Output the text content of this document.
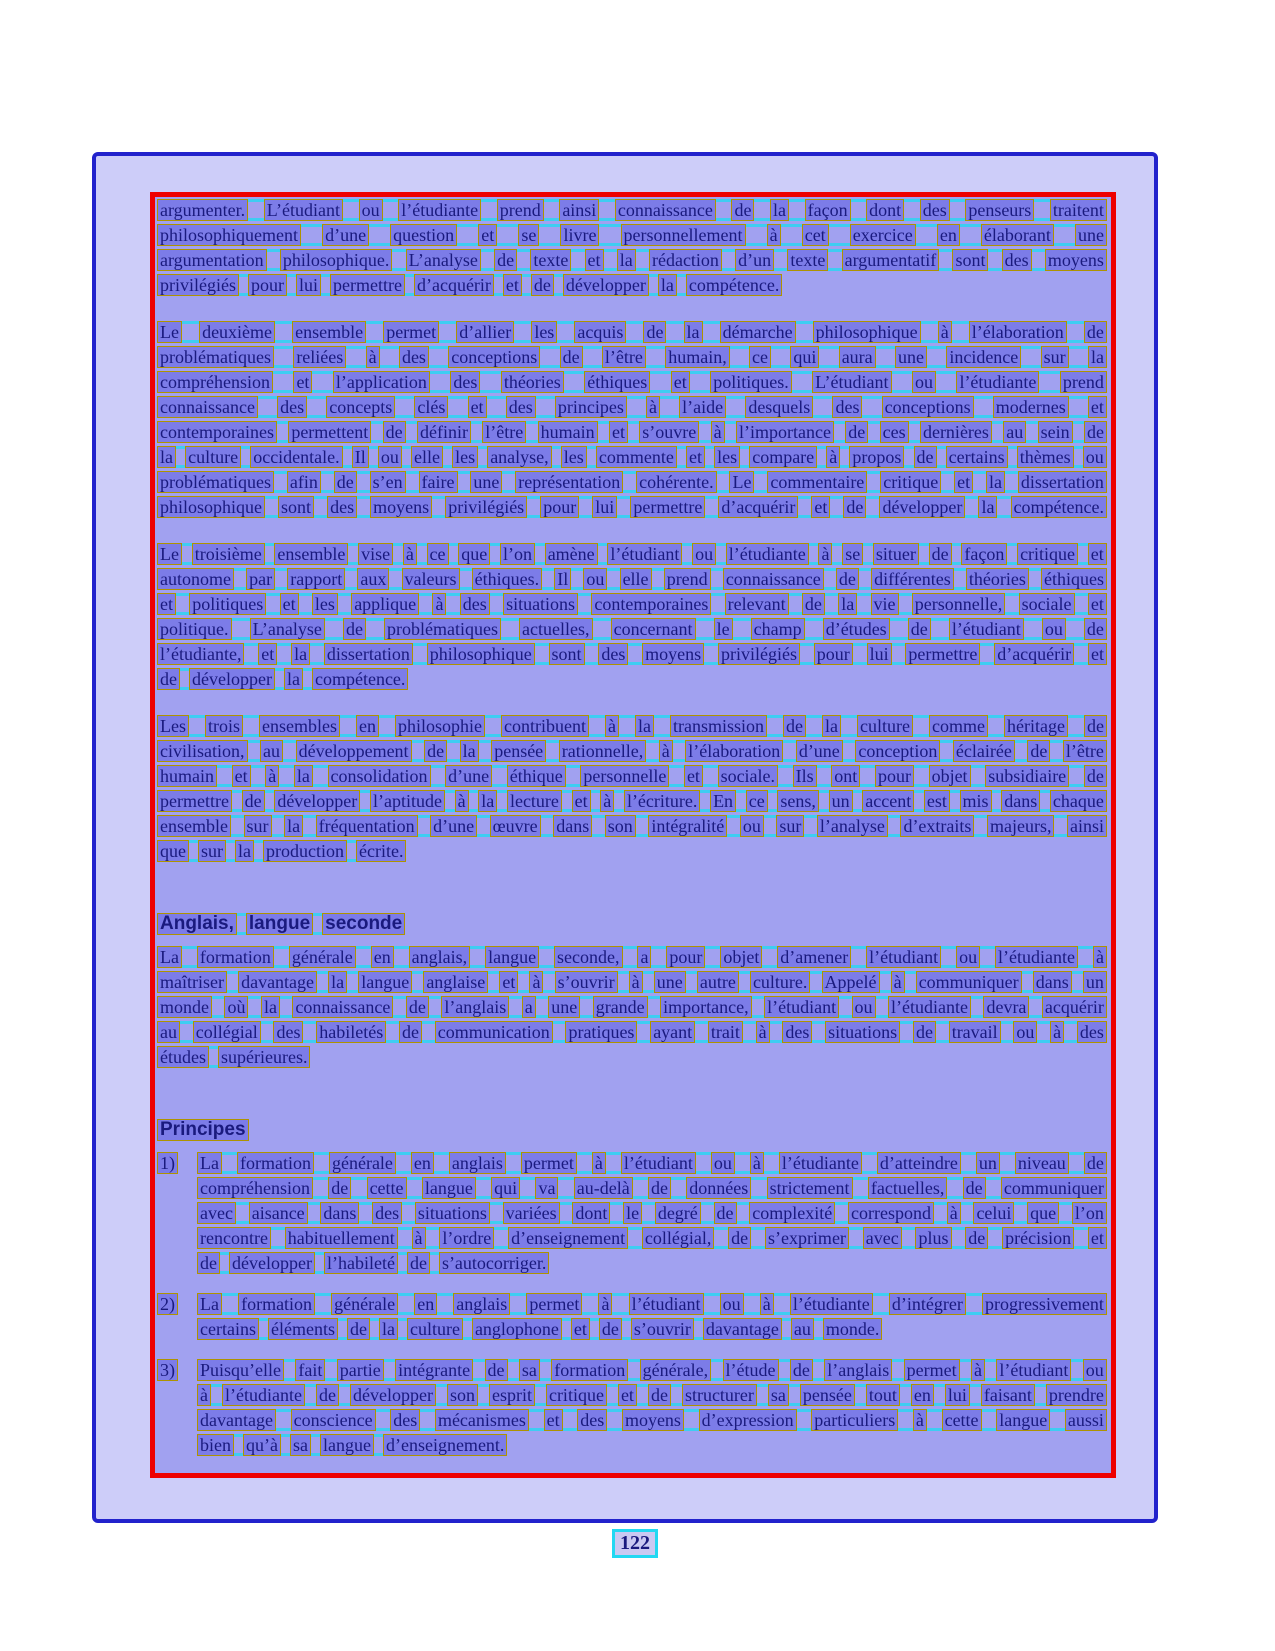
argumenter. L’étudiant ou l’étudiante prend ainsi connaissance de la façon dont des penseurs traitent
philosophiquement d’une question et se livre personnellement à cet exercice en élaborant une
argumentation philosophique. L’analyse de texte et la rédaction d’un texte argumentatif sont des moyens
privilégiés pour lui permettre d’acquérir et de développer la compétence.
Le deuxième ensemble permet d’allier les acquis de la démarche philosophique à l’élaboration de
problématiques reliées à des conceptions de l’être humain, ce qui aura une incidence sur la
compréhension et l’application des théories éthiques et politiques. L’étudiant ou l’étudiante prend
connaissance des concepts clés et des principes à l’aide desquels des conceptions modernes et
contemporaines permettent de définir l’être humain et s’ouvre à l’importance de ces dernières au sein de
la culture occidentale. Il ou elle les analyse, les commente et les compare à propos de certains thèmes ou
problématiques afin de s’en faire une représentation cohérente. Le commentaire critique et la dissertation
philosophique sont des moyens privilégiés pour lui permettre d’acquérir et de développer la compétence.
Le troisième ensemble vise à ce que l’on amène l’étudiant ou l’étudiante à se situer de façon critique et
autonome par rapport aux valeurs éthiques. Il ou elle prend connaissance de différentes théories éthiques
et politiques et les applique à des situations contemporaines relevant de la vie personnelle, sociale et
politique. L’analyse de problématiques actuelles, concernant le champ d’études de l’étudiant ou de
l’étudiante, et la dissertation philosophique sont des moyens privilégiés pour lui permettre d’acquérir et
de développer la compétence.
Les trois ensembles en philosophie contribuent à la transmission de la culture comme héritage de
civilisation, au développement de la pensée rationnelle, à l’élaboration d’une conception éclairée de l’être
humain et à la consolidation d’une éthique personnelle et sociale. Ils ont pour objet subsidiaire de
permettre de développer l’aptitude à la lecture et à l’écriture. En ce sens, un accent est mis dans chaque
ensemble sur la fréquentation d’une œuvre dans son intégralité ou sur l’analyse d’extraits majeurs, ainsi
que sur la production écrite.
Anglais, langue seconde
La formation générale en anglais, langue seconde, a pour objet d’amener l’étudiant ou l’étudiante à
maîtriser davantage la langue anglaise et à s’ouvrir à une autre culture. Appelé à communiquer dans un
monde où la connaissance de l’anglais a une grande importance, l’étudiant ou l’étudiante devra acquérir
au collégial des habiletés de communication pratiques ayant trait à des situations de travail ou à des
études supérieures.
Principes
1) La formation générale en anglais permet à l’étudiant ou à l’étudiante d’atteindre un niveau de
compréhension de cette langue qui va au-delà de données strictement factuelles, de communiquer
avec aisance dans des situations variées dont le degré de complexité correspond à celui que l’on
rencontre habituellement à l’ordre d’enseignement collégial, de s’exprimer avec plus de précision et
de développer l’habileté de s’autocorriger.
2) La formation générale en anglais permet à l’étudiant ou à l’étudiante d’intégrer progressivement
certains éléments de la culture anglophone et de s’ouvrir davantage au monde.
3) Puisqu’elle fait partie intégrante de sa formation générale, l’étude de l’anglais permet à l’étudiant ou
à l’étudiante de développer son esprit critique et de structurer sa pensée tout en lui faisant prendre
davantage conscience des mécanismes et des moyens d’expression particuliers à cette langue aussi
bien qu’à sa langue d’enseignement.
122
